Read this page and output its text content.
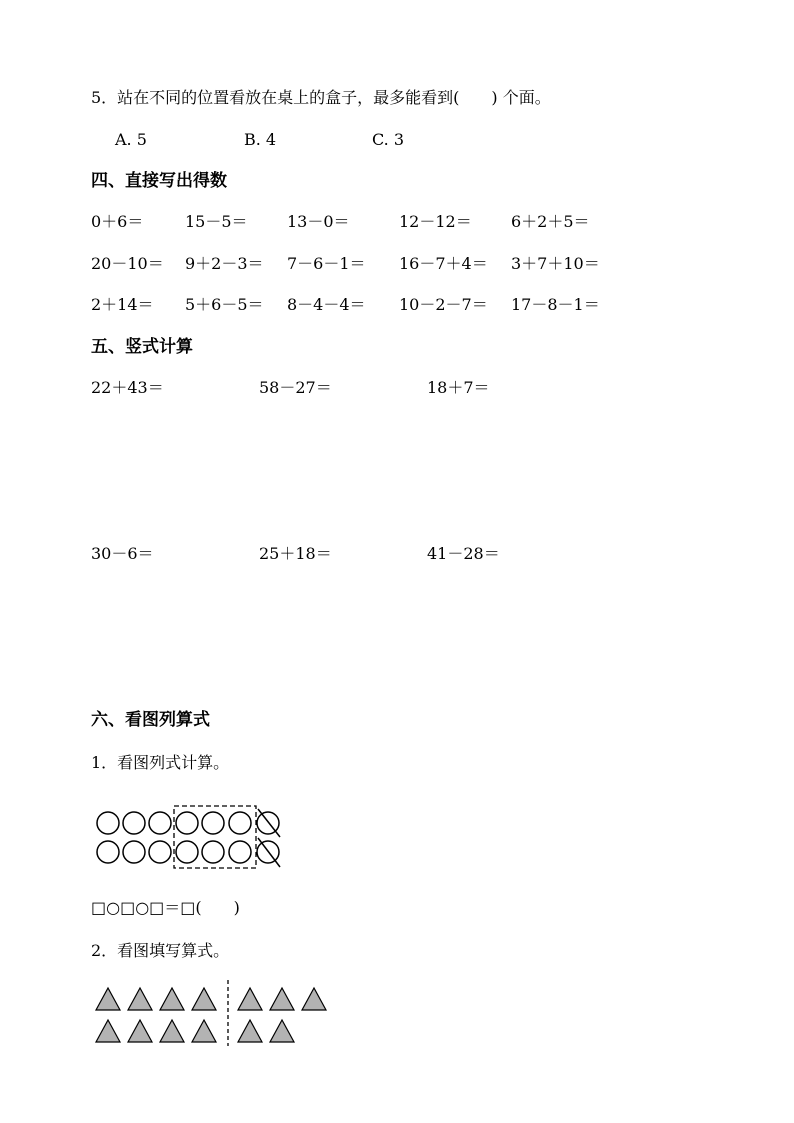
5．站在不同的位置看放在桌上的盒子，最多能看到(　　) 个面。
A. 5	B. 4	C. 3
四、直接写出得数
0＋6＝	15－5＝ 13－0＝	12－12＝ 6＋2＋5＝
20－10＝ 9＋2－3＝ 7－6－1＝ 16－7＋4＝ 3＋7＋10＝
2＋14＝ 5＋6－5＝ 8－4－4＝ 10－2－7＝ 17－8－1＝
五、竖式计算
22＋43＝	58－27＝	18＋7＝
30－6＝	25＋18＝	41－28＝
六、看图列算式
1．看图列式计算。
□○□○□＝□(　　)
2．看图填写算式。
